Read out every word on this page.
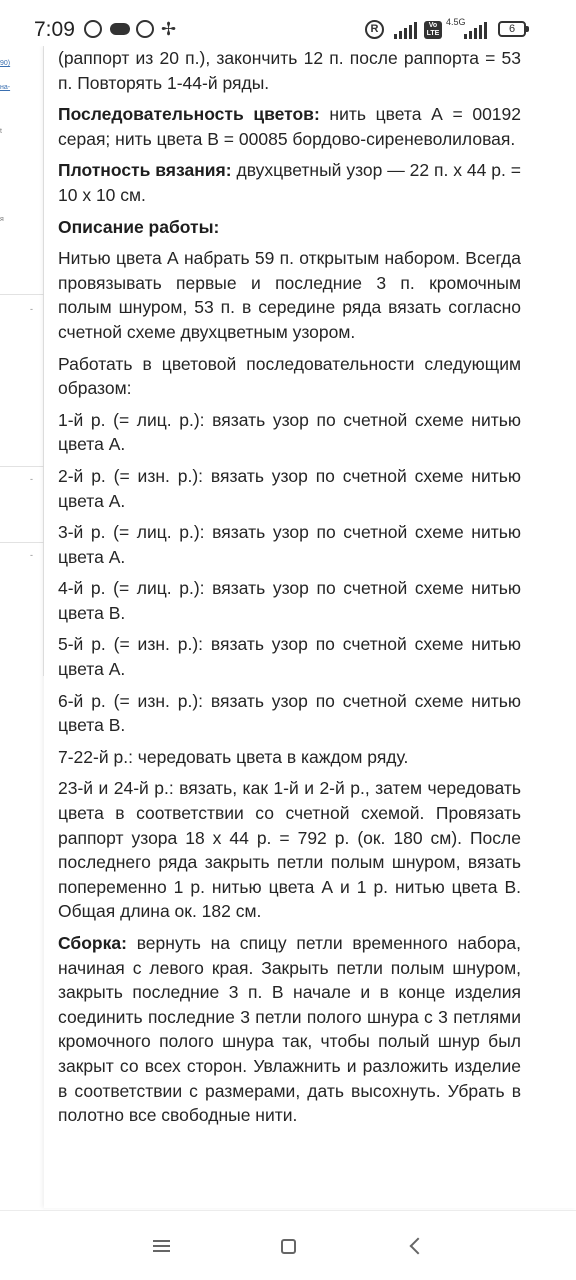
7:09	✢	R	Vo LTE
4.5G
6
90)
на-
t
я
-
-
-

(раппорт из 20 п.), закончить 12 п. после раппорта = 53 п. Повторять 1-44-й ряды.

Последовательность цветов: нить цвета А = 00192 серая; нить цвета В = 00085 бордово-сиреневолиловая.

Плотность вязания: двухцветный узор — 22 п. х 44 р. = 10 х 10 см.

Описание работы:

Нитью цвета А набрать 59 п. открытым набором. Всегда провязывать первые и последние 3 п. кромочным полым шнуром, 53 п. в середине ряда вязать согласно счетной схеме двухцветным узором.

Работать в цветовой последовательности следующим образом:

1-й р. (= лиц. р.): вязать узор по счетной схеме нитью цвета А.

2-й р. (= изн. р.): вязать узор по счетной схеме нитью цвета А.

3-й р. (= лиц. р.): вязать узор по счетной схеме нитью цвета А.

4-й р. (= лиц. р.): вязать узор по счетной схеме нитью цвета В.

5-й р. (= изн. р.): вязать узор по счетной схеме нитью цвета А.

6-й р. (= изн. р.): вязать узор по счетной схеме нитью цвета В.

7-22-й р.: чередовать цвета в каждом ряду.

23-й и 24-й р.: вязать, как 1-й и 2-й р., затем чередовать цвета в соответствии со счетной схемой. Провязать раппорт узора 18 х 44 р. = 792 р. (ок. 180 см). После последнего ряда закрыть петли полым шнуром, вязать попеременно 1 р. нитью цвета А и 1 р. нитью цвета В. Общая длина ок. 182 см.

Сборка: вернуть на спицу петли временного набора, начиная с левого края. Закрыть петли полым шнуром, закрыть последние 3 п. В начале и в конце изделия соединить последние 3 петли полого шнура с 3 петлями кромочного полого шнура так, чтобы полый шнур был закрыт со всех сторон. Увлажнить и разложить изделие в соответствии с размерами, дать высохнуть. Убрать в полотно все свободные нити.
